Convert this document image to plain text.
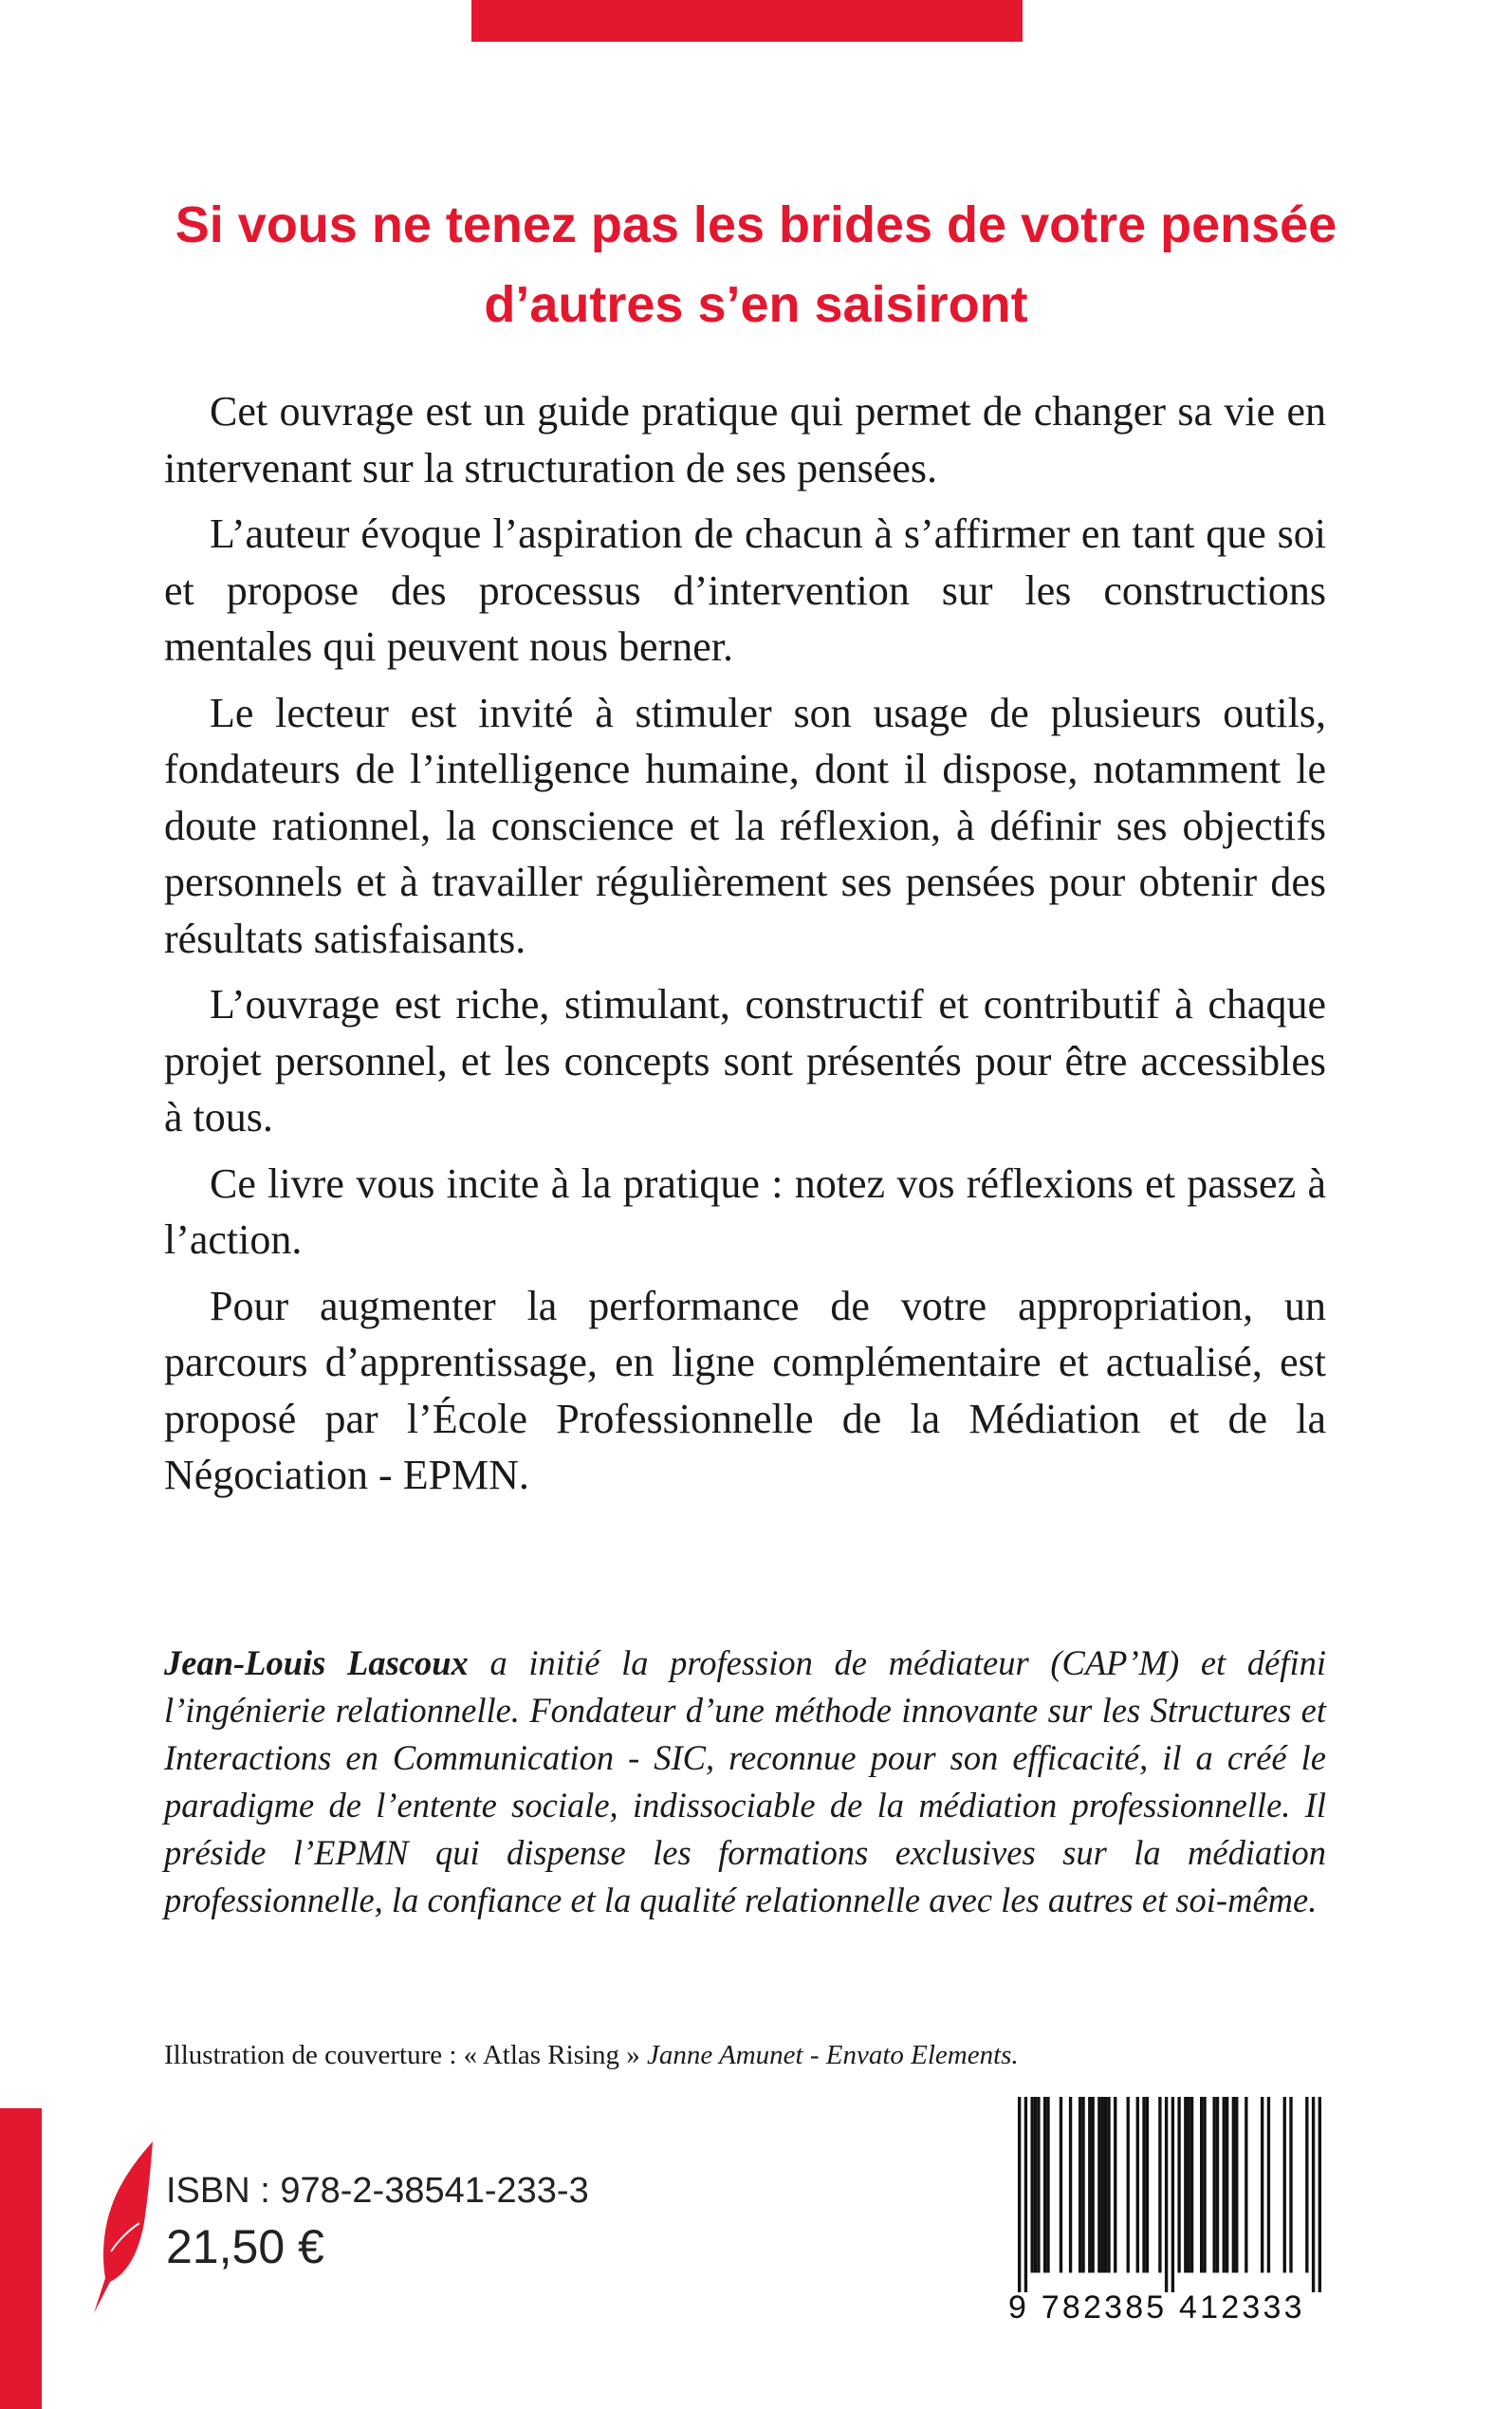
Si vous ne tenez pas les brides de votre pensée
d’autres s’en saisiront

Cet ouvrage est un guide pratique qui permet de changer sa vie en intervenant sur la structuration de ses pensées.

L’auteur évoque l’aspiration de chacun à s’affirmer en tant que soi et propose des processus d’intervention sur les constructions mentales qui peuvent nous berner.

Le lecteur est invité à stimuler son usage de plusieurs outils, fondateurs de l’intelligence humaine, dont il dispose, notamment le doute rationnel, la conscience et la réflexion, à définir ses objectifs personnels et à travailler régulièrement ses pensées pour obtenir des résultats satisfaisants.

L’ouvrage est riche, stimulant, constructif et contributif à chaque projet personnel, et les concepts sont présentés pour être accessibles à tous.

Ce livre vous incite à la pratique : notez vos réflexions et passez à l’action.

Pour augmenter la performance de votre appropriation, un parcours d’apprentissage, en ligne complémentaire et actualisé, est proposé par l’École Professionnelle de la Médiation et de la Négociation - EPMN.

Jean-Louis Lascoux a initié la profession de médiateur (CAP’M) et défini l’ingénierie relationnelle. Fondateur d’une méthode innovante sur les Structures et Interactions en Communication - SIC, reconnue pour son efficacité, il a créé le paradigme de l’entente sociale, indissociable de la médiation professionnelle. Il préside l’EPMN qui dispense les formations exclusives sur la médiation professionnelle, la confiance et la qualité relationnelle avec les autres et soi-même.

Illustration de couverture : « Atlas Rising » Janne Amunet - Envato Elements.

ISBN : 978-2-38541-233-3

21,50 €

9 782385 412333
